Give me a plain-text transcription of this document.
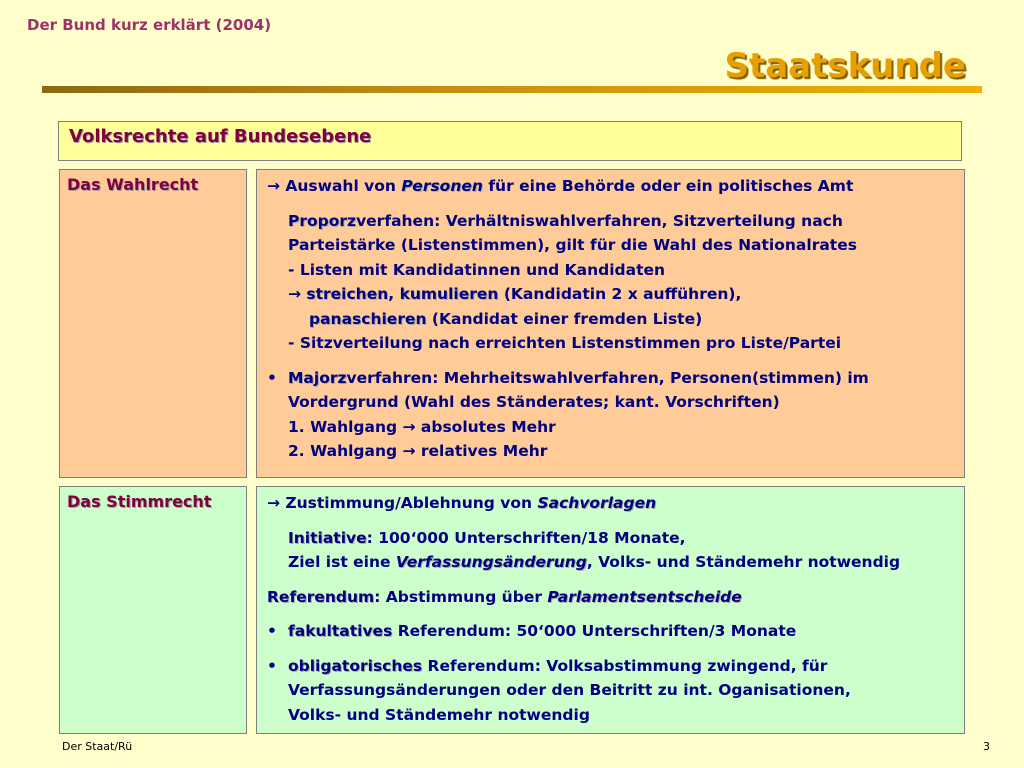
Der Bund kurz erklärt (2004)
Staatskunde
Volksrechte auf Bundesebene
Das Wahlrecht	→ Auswahl von Personen für eine Behörde oder ein politisches Amt
Proporzverfahen: Verhältniswahlverfahren, Sitzverteilung nach
Parteistärke (Listenstimmen), gilt für die Wahl des Nationalrates
- Listen mit Kandidatinnen und Kandidaten
→ streichen, kumulieren (Kandidatin 2 x aufführen),
panaschieren (Kandidat einer fremden Liste)
- Sitzverteilung nach erreichten Listenstimmen pro Liste/Partei
• Majorzverfahren: Mehrheitswahlverfahren, Personen(stimmen) im
Vordergrund (Wahl des Ständerates; kant. Vorschriften)
1. Wahlgang → absolutes Mehr
2. Wahlgang → relatives Mehr
Das Stimmrecht	→ Zustimmung/Ablehnung von Sachvorlagen
Initiative: 100‘000 Unterschriften/18 Monate,
Ziel ist eine Verfassungsänderung, Volks- und Ständemehr notwendig
Referendum: Abstimmung über Parlamentsentscheide
• fakultatives Referendum: 50‘000 Unterschriften/3 Monate
• obligatorisches Referendum: Volksabstimmung zwingend, für
Verfassungsänderungen oder den Beitritt zu int. Oganisationen,
Volks- und Ständemehr notwendig
Der Staat/Rü	3
